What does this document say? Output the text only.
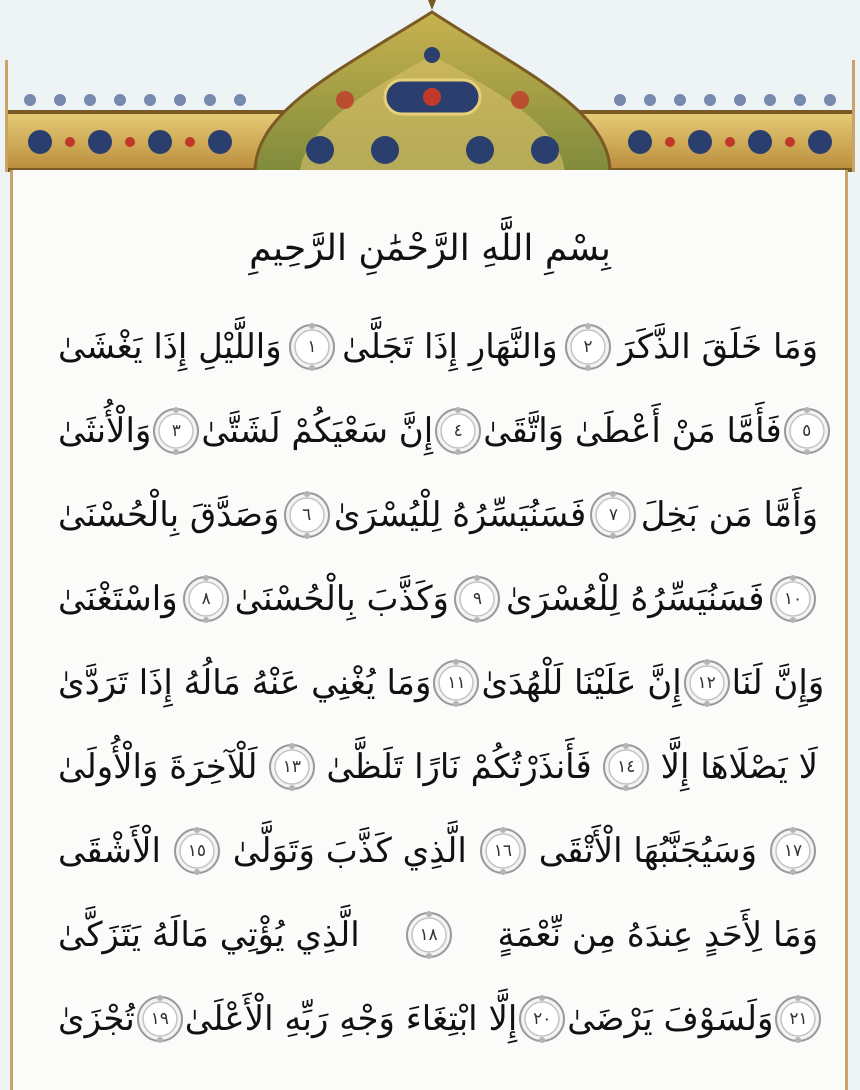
بِسْمِ اللَّهِ الرَّحْمَٰنِ الرَّحِيمِ
وَاللَّيْلِ إِذَا يَغْشَىٰ	١ وَالنَّهَارِ إِذَا تَجَلَّىٰ	٢ وَمَا خَلَقَ الذَّكَرَ
وَالْأُنثَىٰ	٣ إِنَّ سَعْيَكُمْ لَشَتَّىٰ	٤ فَأَمَّا مَنْ أَعْطَىٰ وَاتَّقَىٰ	٥
وَصَدَّقَ بِالْحُسْنَىٰ	٦ فَسَنُيَسِّرُهُ لِلْيُسْرَىٰ	٧ وَأَمَّا مَن بَخِلَ
وَاسْتَغْنَىٰ	٨ وَكَذَّبَ بِالْحُسْنَىٰ	٩ فَسَنُيَسِّرُهُ لِلْعُسْرَىٰ	١٠
وَمَا يُغْنِي عَنْهُ مَالُهُ إِذَا تَرَدَّىٰ ١١ إِنَّ عَلَيْنَا لَلْهُدَىٰ ١٢ وَإِنَّ لَنَا
لَلْآخِرَةَ وَالْأُولَىٰ	١٣ فَأَنذَرْتُكُمْ نَارًا تَلَظَّىٰ	١٤ لَا يَصْلَاهَا إِلَّا
الْأَشْقَى	١٥ الَّذِي كَذَّبَ وَتَوَلَّىٰ	١٦ وَسَيُجَنَّبُهَا الْأَتْقَى	١٧
الَّذِي يُؤْتِي مَالَهُ يَتَزَكَّىٰ	١٨	وَمَا لِأَحَدٍ عِندَهُ مِن نِّعْمَةٍ
تُجْزَىٰ ١٩ إِلَّا ابْتِغَاءَ وَجْهِ رَبِّهِ الْأَعْلَىٰ ٢٠ وَلَسَوْفَ يَرْضَىٰ ٢١
